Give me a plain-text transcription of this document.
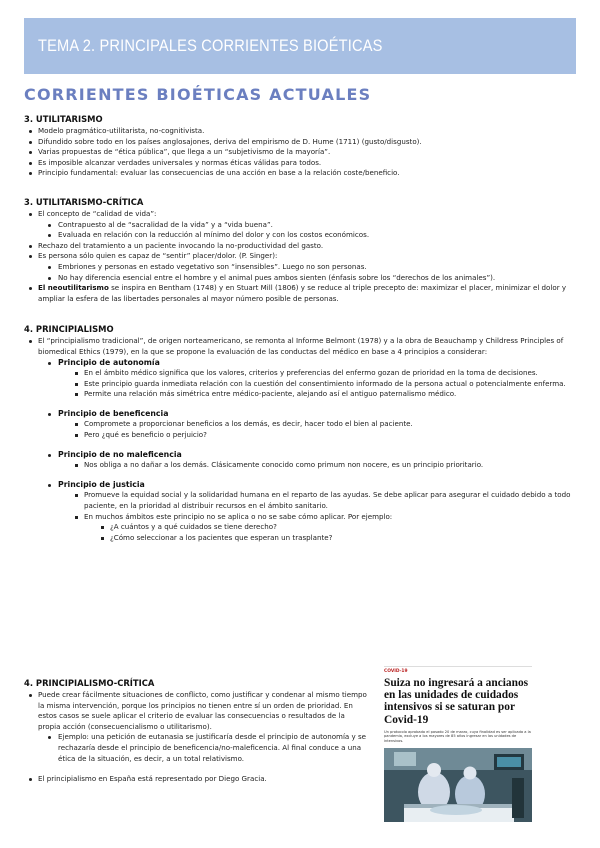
TEMA 2. PRINCIPALES CORRIENTES BIOÉTICAS
CORRIENTES BIOÉTICAS ACTUALES
3. UTILITARISMO
Modelo pragmático-utilitarista, no-cognitivista.
Difundido sobre todo en los países anglosajones, deriva del empirismo de D. Hume (1711) (gusto/disgusto).
Varias propuestas de “ética pública”, que llega a un “subjetivismo de la mayoría”.
Es imposible alcanzar verdades universales y normas éticas válidas para todos.
Principio fundamental: evaluar las consecuencias de una acción en base a la relación coste/beneficio.
3. UTILITARISMO-CRÍTICA
El concepto de “calidad de vida”:
Contrapuesto al de “sacralidad de la vida” y a “vida buena”.
Evaluada en relación con la reducción al mínimo del dolor y con los costos económicos.
Rechazo del tratamiento a un paciente invocando la no-productividad del gasto.
Es persona sólo quien es capaz de “sentir” placer/dolor. (P. Singer):
Embriones y personas en estado vegetativo son “insensibles”. Luego no son personas.
No hay diferencia esencial entre el hombre y el animal pues ambos sienten (énfasis sobre los “derechos de los animales”).
El neoutilitarismo se inspira en Bentham (1748) y en Stuart Mill (1806) y se reduce al triple precepto de: maximizar el placer, minimizar el dolor y ampliar la esfera de las libertades personales al mayor número posible de personas.
4. PRINCIPIALISMO
El “principialismo tradicional”, de origen norteamericano, se remonta al Informe Belmont (1978) y a la obra de Beauchamp y Childress Principles of biomedical Ethics (1979), en la que se propone la evaluación de las conductas del médico en base a 4 principios a considerar:
Principio de autonomía
En el ámbito médico significa que los valores, criterios y preferencias del enfermo gozan de prioridad en la toma de decisiones.
Este principio guarda inmediata relación con la cuestión del consentimiento informado de la persona actual o potencialmente enferma.
Permite una relación más simétrica entre médico-paciente, alejando así el antiguo paternalismo médico.
Principio de beneficencia
Compromete a proporcionar beneficios a los demás, es decir, hacer todo el bien al paciente.
Pero ¿qué es beneficio o perjuicio?
Principio de no maleficencia
Nos obliga a no dañar a los demás. Clásicamente conocido como primum non nocere, es un principio prioritario.
Principio de justicia
Promueve la equidad social y la solidaridad humana en el reparto de las ayudas. Se debe aplicar para asegurar el cuidado debido a todo paciente, en la prioridad al distribuir recursos en el ámbito sanitario.
En muchos ámbitos este principio no se aplica o no se sabe cómo aplicar. Por ejemplo:
¿A cuántos y a qué cuidados se tiene derecho?
¿Cómo seleccionar a los pacientes que esperan un trasplante?
4. PRINCIPIALISMO-CRÍTICA
Puede crear fácilmente situaciones de conflicto, como justificar y condenar al mismo tiempo la misma intervención, porque los principios no tienen entre sí un orden de prioridad. En estos casos se suele aplicar el criterio de evaluar las consecuencias o resultados de la propia acción (consecuencialismo o utilitarismo).
Ejemplo: una petición de eutanasia se justificaría desde el principio de autonomía y se rechazaría desde el principio de beneficencia/no-maleficencia. Al final conduce a una ética de la situación, es decir, a un total relativismo.
El principialismo en España está representado por Diego Gracia.
COVID-19
Suiza no ingresará a ancianos en las unidades de cuidados intensivos si se saturan por Covid-19
Un protocolo aprobado el pasado 20 de marzo, cuya finalidad es ser aplicada a la pandemia, excluye a los mayores de 85 años ingresar en las unidades de intensivos.
